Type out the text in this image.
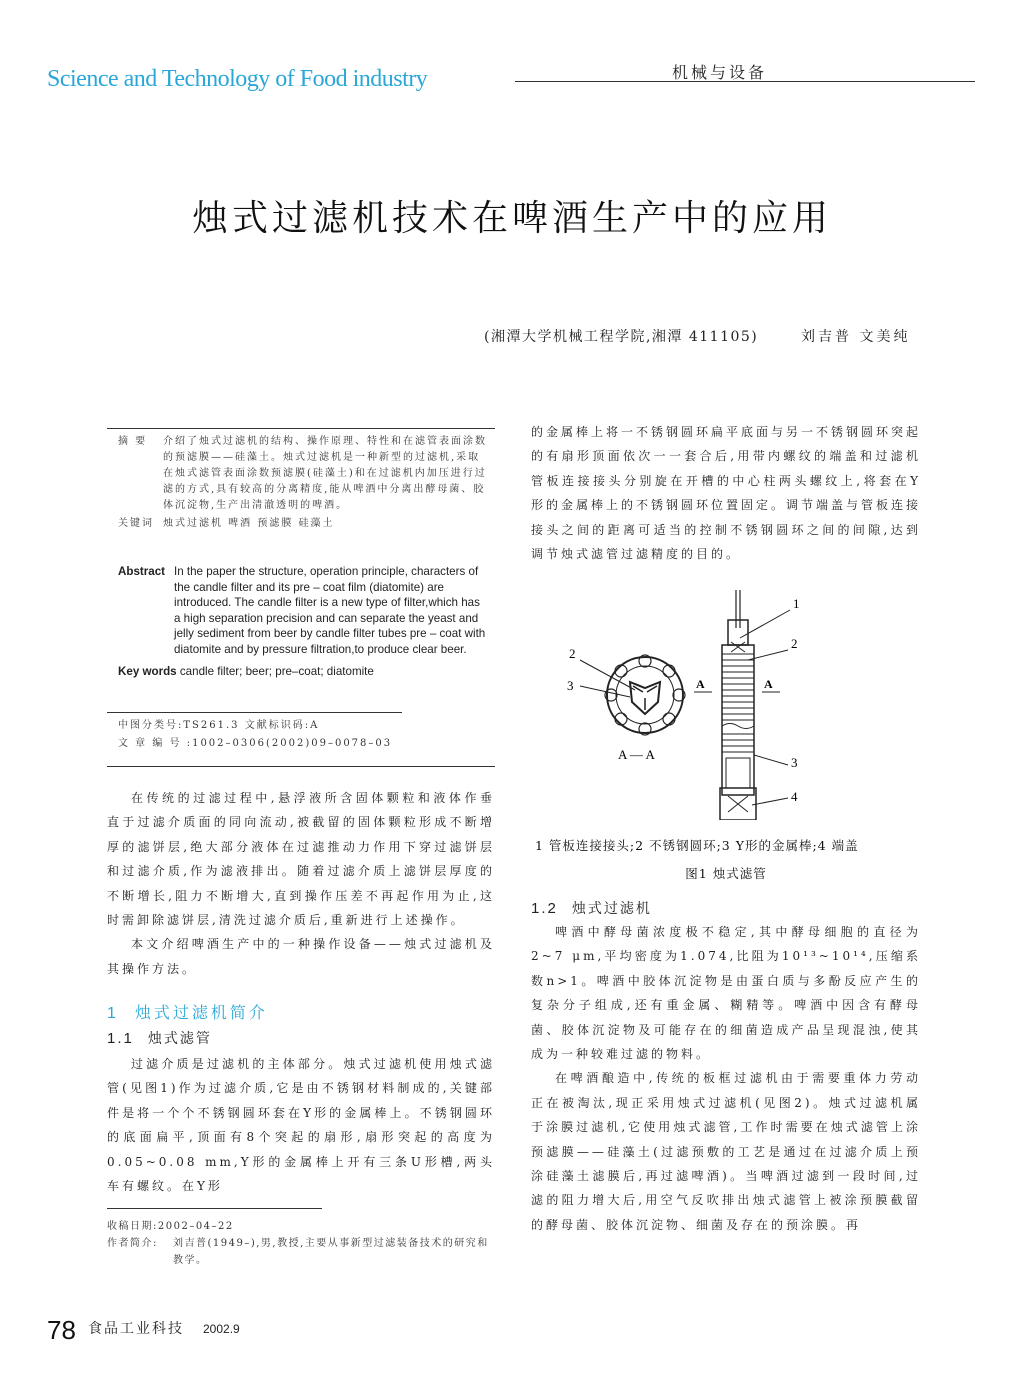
Science and Technology of Food industry	机械与设备
烛式过滤机技术在啤酒生产中的应用
(湘潭大学机械工程学院,湘潭 411105)	刘吉普 文美纯

摘 要	介绍了烛式过滤机的结构、操作原理、特性和在滤管表面涂数的预滤膜——硅藻土。烛式过滤机是一种新型的过滤机,采取在烛式滤管表面涂数预滤膜(硅藻土)和在过滤机内加压进行过滤的方式,具有较高的分离精度,能从啤酒中分离出酵母菌、胶体沉淀物,生产出清澈透明的啤酒。

关键词 烛式过滤机 啤酒 预滤膜 硅藻土

Abstract In the paper the structure, operation principle, characters of the candle filter and its pre – coat film (diatomite) are introduced. The candle filter is a new type of filter,which has a high separation precision and can separate the yeast and jelly sediment from beer by candle filter tubes pre – coat with diatomite and by pressure filtration,to produce clear beer.
Key words candle filter; beer; pre–coat; diatomite
中图分类号:TS261.3 文献标识码:A
文 章 编 号 :1002–0306(2002)09–0078–03

在传统的过滤过程中,悬浮液所含固体颗粒和液体作垂直于过滤介质面的同向流动,被截留的固体颗粒形成不断增厚的滤饼层,绝大部分液体在过滤推动力作用下穿过滤饼层和过滤介质,作为滤液排出。随着过滤介质上滤饼层厚度的不断增长,阻力不断增大,直到操作压差不再起作用为止,这时需卸除滤饼层,清洗过滤介质后,重新进行上述操作。

本文介绍啤酒生产中的一种操作设备——烛式过滤机及其操作方法。

1 烛式过滤机简介
1.1 烛式滤管

过滤介质是过滤机的主体部分。烛式过滤机使用烛式滤管(见图1)作为过滤介质,它是由不锈钢材料制成的,关键部件是将一个个不锈钢圆环套在Y形的金属棒上。不锈钢圆环的底面扁平,顶面有8个突起的扇形,扇形突起的高度为0.05~0.08 mm,Y形的金属棒上开有三条U形槽,两头车有螺纹。在Y形

收稿日期:2002–04–22
作者简介:	刘吉普(1949–),男,教授,主要从事新型过滤装备技术的研究和教学。

的金属棒上将一不锈钢圆环扁平底面与另一不锈钢圆环突起的有扇形顶面依次一一套合后,用带内螺纹的端盖和过滤机管板连接接头分别旋在开槽的中心柱两头螺纹上,将套在Y形的金属棒上的不锈钢圆环位置固定。调节端盖与管板连接接头之间的距离可适当的控制不锈钢圆环之间的间隙,达到调节烛式滤管过滤精度的目的。

2
3
A — A
A	A
1
2
3
4
1 管板连接接头;2 不锈钢圆环;3 Y形的金属棒;4 端盖
图1 烛式滤管
1.2 烛式过滤机

啤酒中酵母菌浓度极不稳定,其中酵母细胞的直径为 2~7 μm,平均密度为1.074,比阻为10¹³~10¹⁴,压缩系数n>1。啤酒中胶体沉淀物是由蛋白质与多酚反应产生的复杂分子组成,还有重金属、糊精等。啤酒中因含有酵母菌、胶体沉淀物及可能存在的细菌造成产品呈现混浊,使其成为一种较难过滤的物料。

在啤酒酿造中,传统的板框过滤机由于需要重体力劳动正在被淘汰,现正采用烛式过滤机(见图2)。烛式过滤机属于涂膜过滤机,它使用烛式滤管,工作时需要在烛式滤管上涂预滤膜——硅藻土(过滤预敷的工艺是通过在过滤介质上预涂硅藻土滤膜后,再过滤啤酒)。当啤酒过滤到一段时间,过滤的阻力增大后,用空气反吹排出烛式滤管上被涂预膜截留的酵母菌、胶体沉淀物、细菌及存在的预涂膜。再

78 食品工业科技 2002.9
